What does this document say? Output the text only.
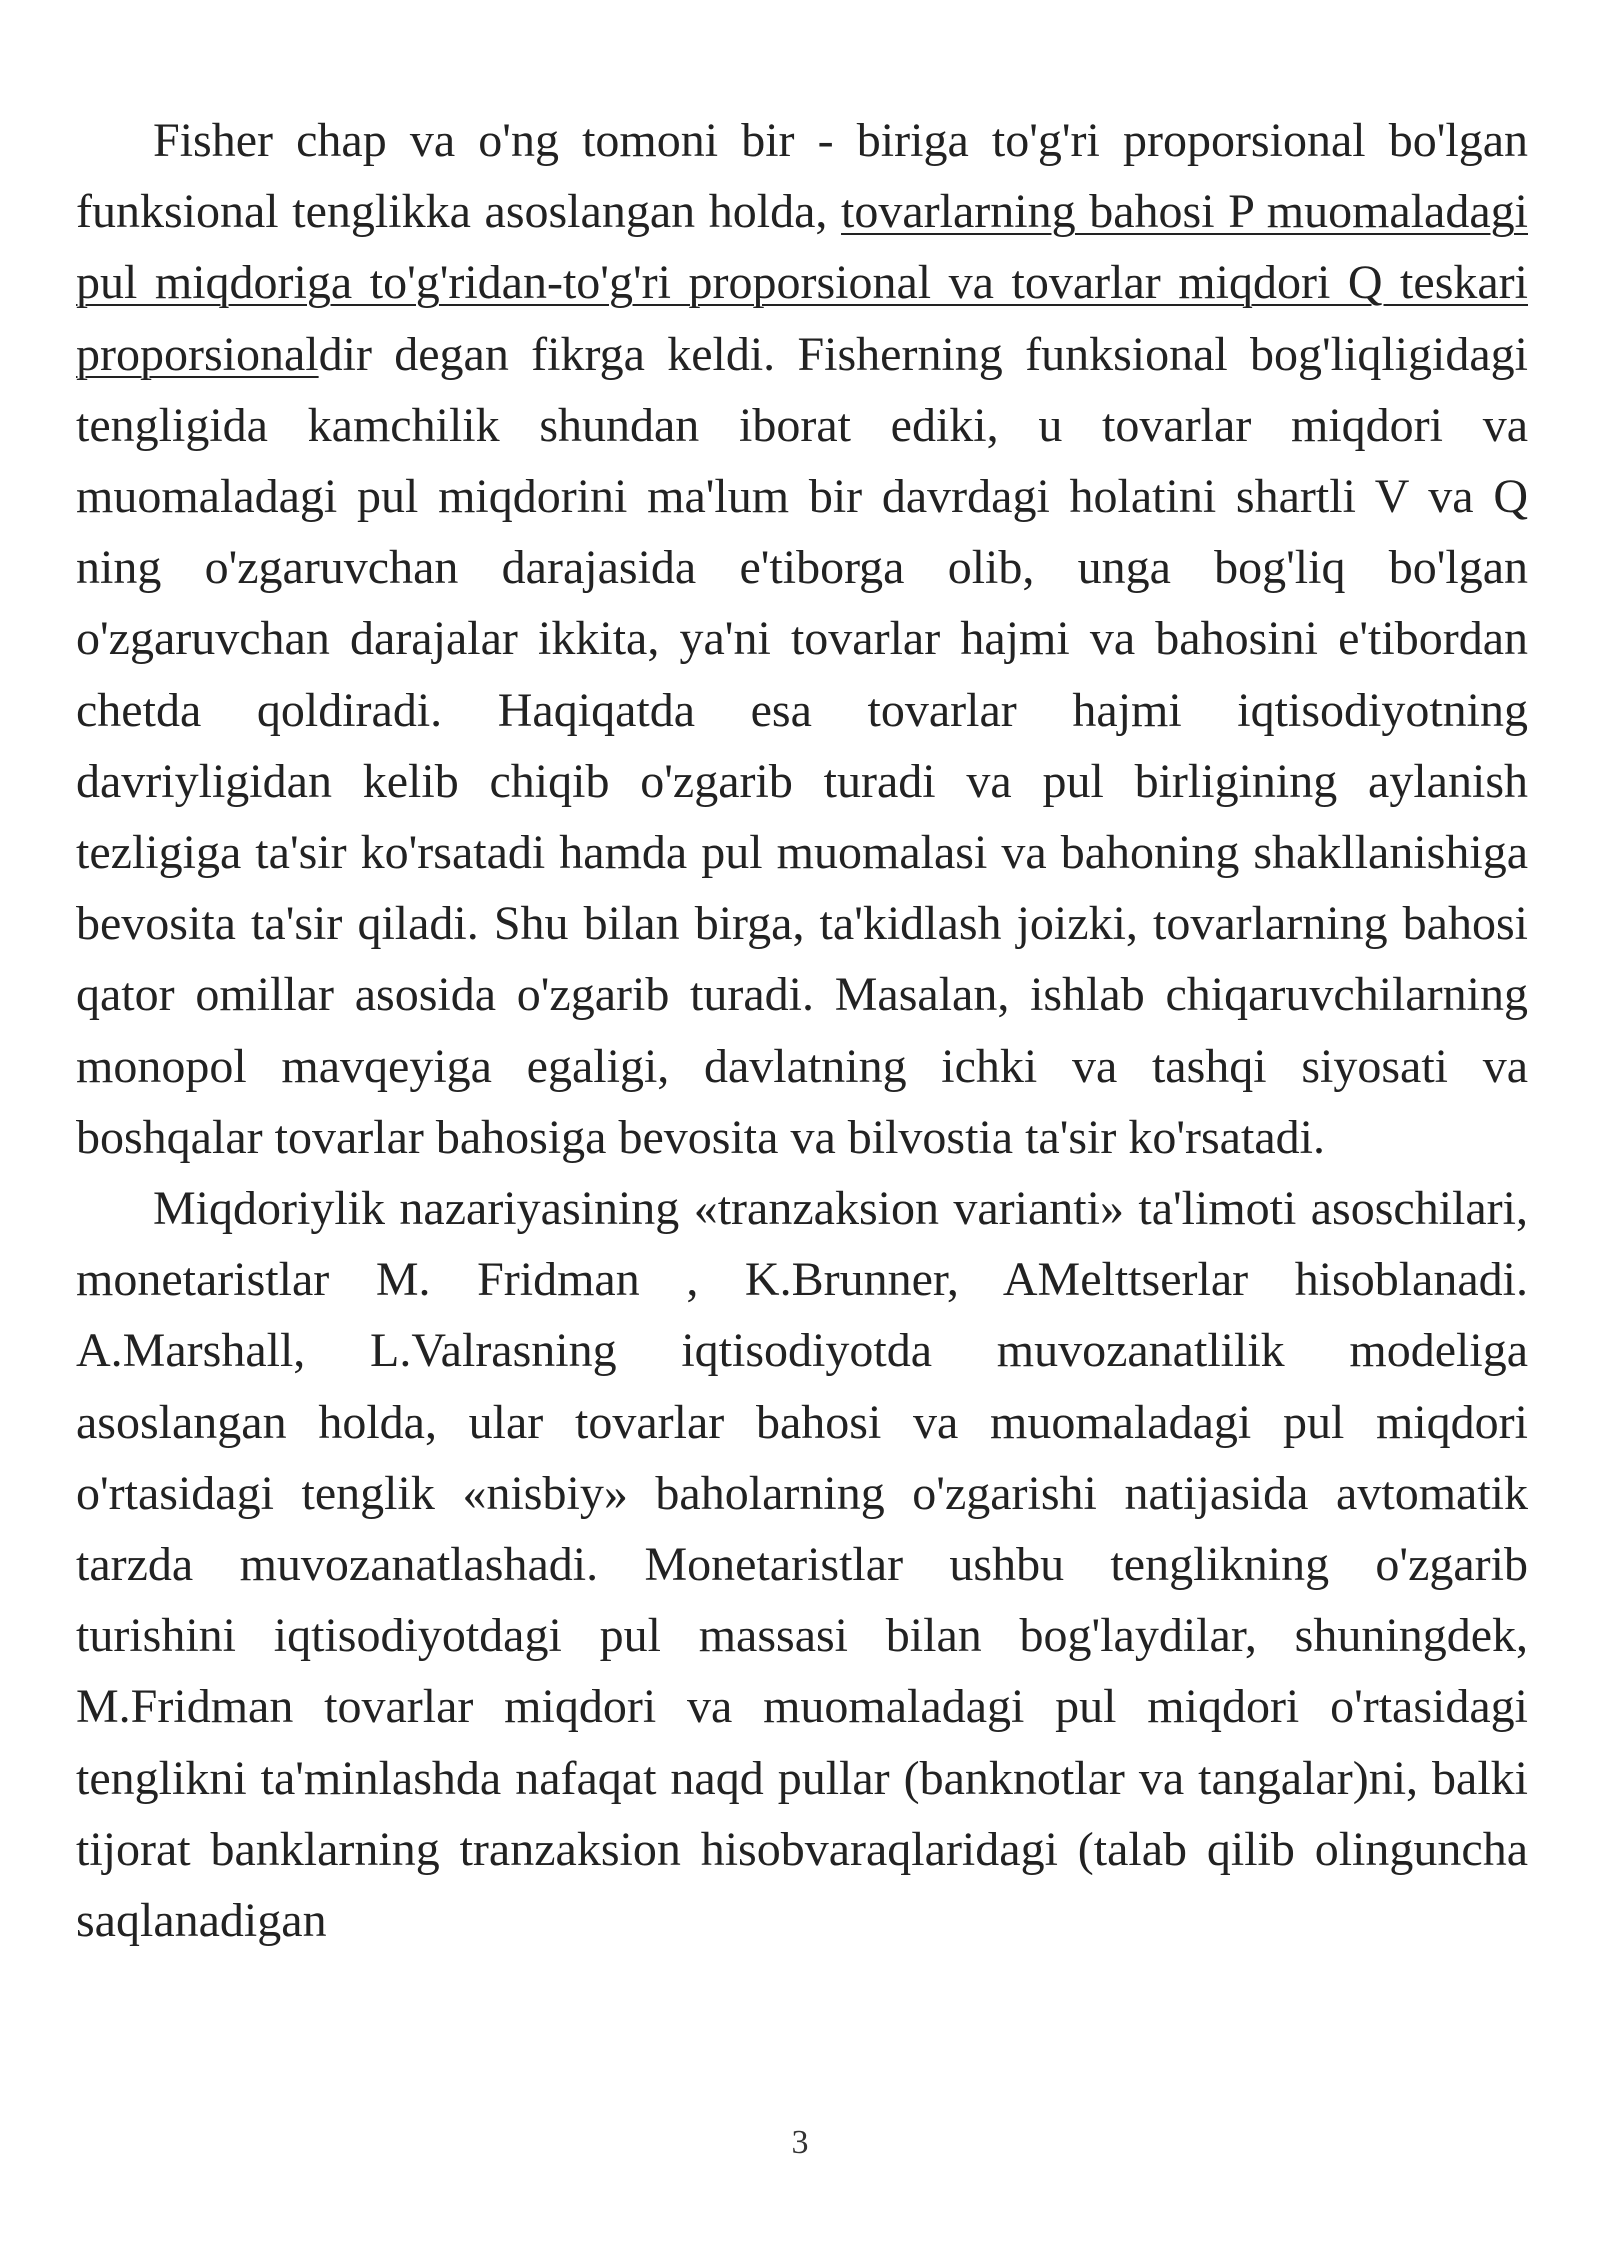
Fisher chap va o'ng tomoni bir - biriga to'g'ri proporsional bo'lgan funksional tenglikka asoslangan holda, tovarlarning bahosi P muomaladagi pul miqdoriga to'g'ridan-to'g'ri proporsional va tovarlar miqdori Q teskari proporsionaldir degan fikrga keldi. Fisherning funksional bog'liqligidagi tengligida kamchilik shundan iborat ediki, u tovarlar miqdori va muomaladagi pul miqdorini ma'lum bir davrdagi holatini shartli V va Q ning o'zgaruvchan darajasida e'tiborga olib, unga bog'liq bo'lgan o'zgaruvchan darajalar ikkita, ya'ni tovarlar hajmi va bahosini e'tibordan chetda qoldiradi. Haqiqatda esa tovarlar hajmi iqtisodiyotning davriyligidan kelib chiqib o'zgarib turadi va pul birligining aylanish tezligiga ta'sir ko'rsatadi hamda pul muomalasi va bahoning shakllanishiga bevosita ta'sir qiladi. Shu bilan birga, ta'kidlash joizki, tovarlarning bahosi qator omillar asosida o'zgarib turadi. Masalan, ishlab chiqaruvchilarning monopol mavqeyiga egaligi, davlatning ichki va tashqi siyosati va boshqalar tovarlar bahosiga bevosita va bilvostia ta'sir ko'rsatadi.

Miqdoriylik nazariyasining «tranzaksion varianti» ta'limoti asoschilari, monetaristlar M. Fridman , K.Brunner, AMelttserlar hisoblanadi. A.Marshall, L.Valrasning iqtisodiyotda muvozanatlilik modeliga asoslangan holda, ular tovarlar bahosi va muomaladagi pul miqdori o'rtasidagi tenglik «nisbiy» baholarning o'zgarishi natijasida avtomatik tarzda muvozanatlashadi. Monetaristlar ushbu tenglikning o'zgarib turishini iqtisodiyotdagi pul massasi bilan bog'laydilar, shuningdek, M.Fridman tovarlar miqdori va muomaladagi pul miqdori o'rtasidagi tenglikni ta'minlashda nafaqat naqd pullar (banknotlar va tangalar)ni, balki tijorat banklarning tranzaksion hisobvaraqlaridagi (talab qilib olinguncha saqlanadigan

3
